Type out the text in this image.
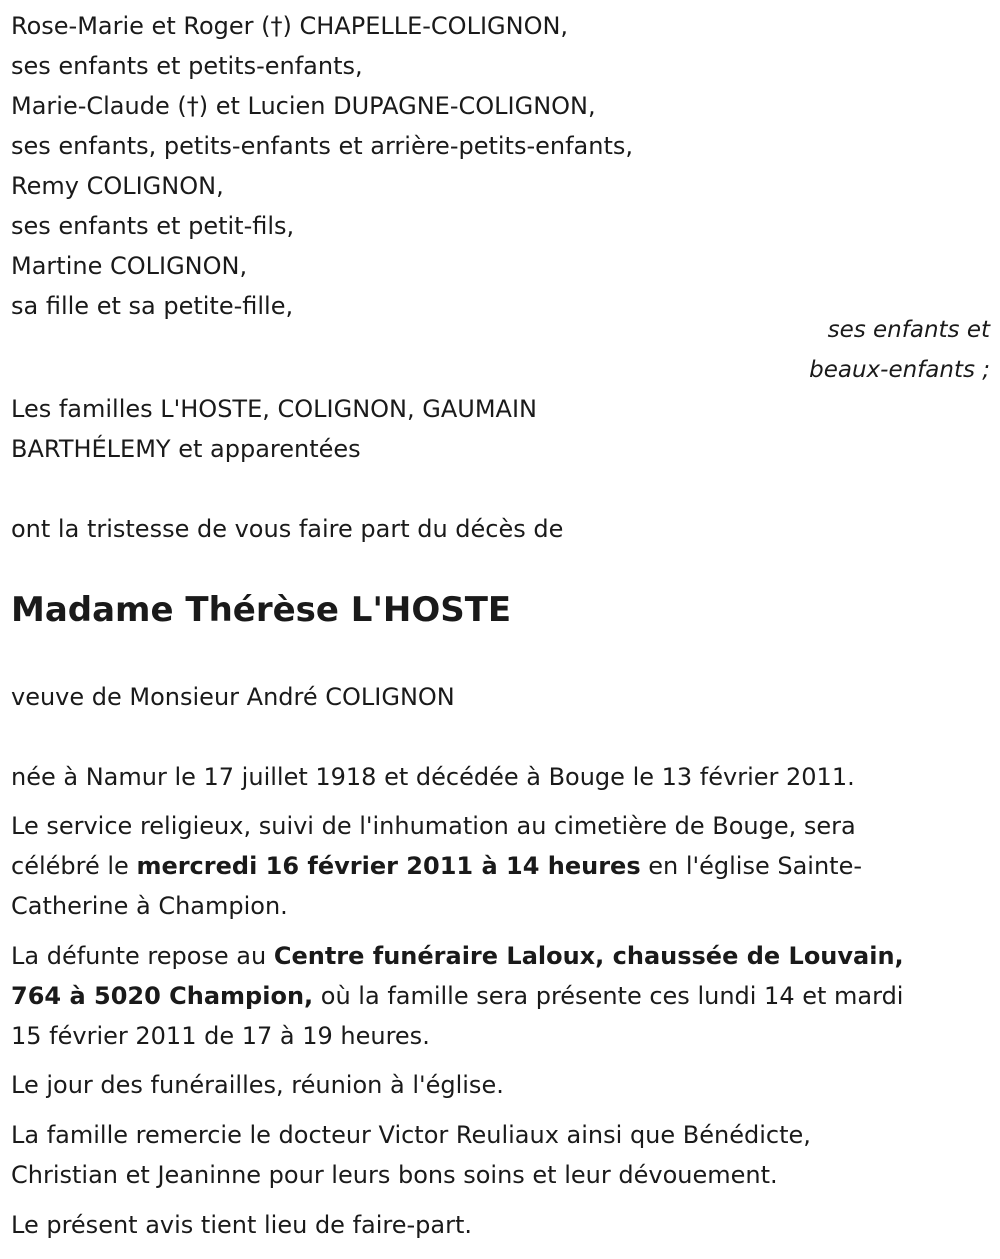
Rose-Marie et Roger (†) CHAPELLE-COLIGNON,
ses enfants et petits-enfants,
Marie-Claude (†) et Lucien DUPAGNE-COLIGNON,
ses enfants, petits-enfants et arrière-petits-enfants,
Remy COLIGNON,
ses enfants et petit-fils,
Martine COLIGNON,
sa fille et sa petite-fille,
ses enfants et
beaux-enfants ;
Les familles L'HOSTE, COLIGNON, GAUMAIN
BARTHÉLEMY et apparentées
ont la tristesse de vous faire part du décès de
Madame Thérèse L'HOSTE
veuve de Monsieur André COLIGNON
née à Namur le 17 juillet 1918 et décédée à Bouge le 13 février 2011.
Le service religieux, suivi de l'inhumation au cimetière de Bouge, sera
célébré le mercredi 16 février 2011 à 14 heures en l'église Sainte-
Catherine à Champion.
La défunte repose au Centre funéraire Laloux, chaussée de Louvain,
764 à 5020 Champion, où la famille sera présente ces lundi 14 et mardi
15 février 2011 de 17 à 19 heures.
Le jour des funérailles, réunion à l'église.
La famille remercie le docteur Victor Reuliaux ainsi que Bénédicte,
Christian et Jeaninne pour leurs bons soins et leur dévouement.
Le présent avis tient lieu de faire-part.
